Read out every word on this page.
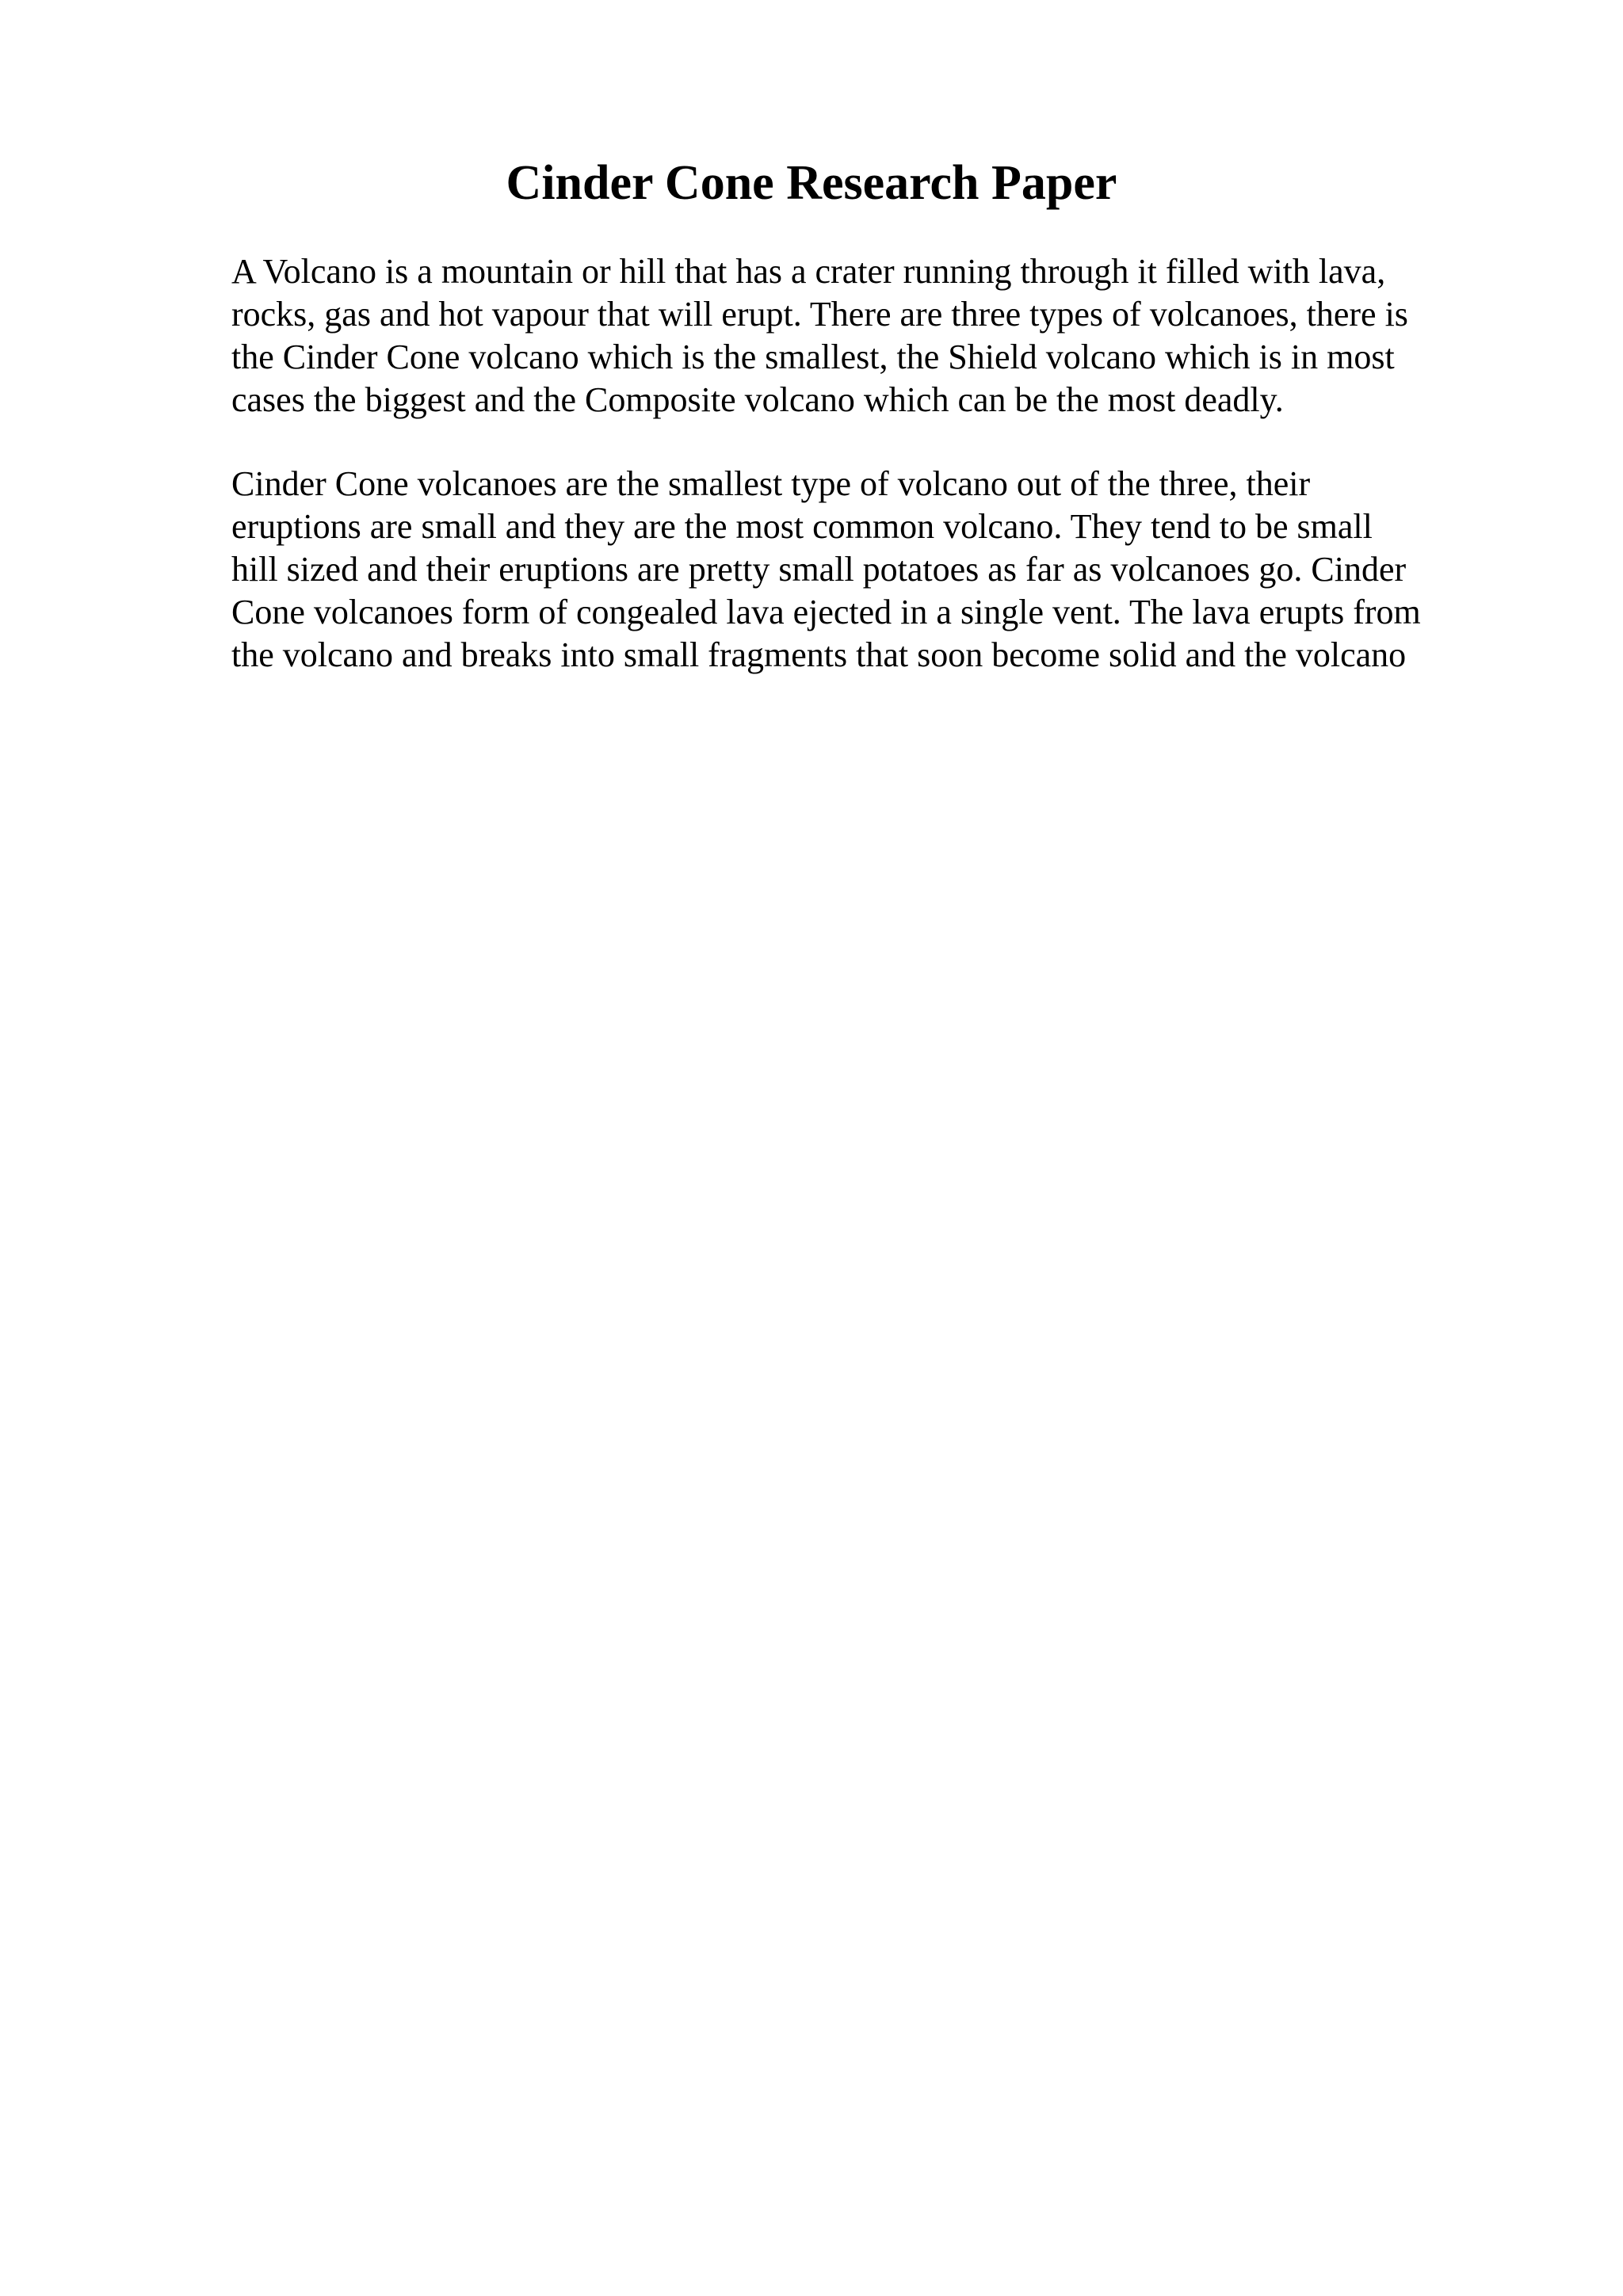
Cinder Cone Research Paper

A Volcano is a mountain or hill that has a crater running through it filled with lava,
rocks, gas and hot vapour that will erupt. There are three types of volcanoes, there is
the Cinder Cone volcano which is the smallest, the Shield volcano which is in most
cases the biggest and the Composite volcano which can be the most deadly.

Cinder Cone volcanoes are the smallest type of volcano out of the three, their
eruptions are small and they are the most common volcano. They tend to be small
hill sized and their eruptions are pretty small potatoes as far as volcanoes go. Cinder
Cone volcanoes form of congealed lava ejected in a single vent. The lava erupts from
the volcano and breaks into small fragments that soon become solid and the volcano
